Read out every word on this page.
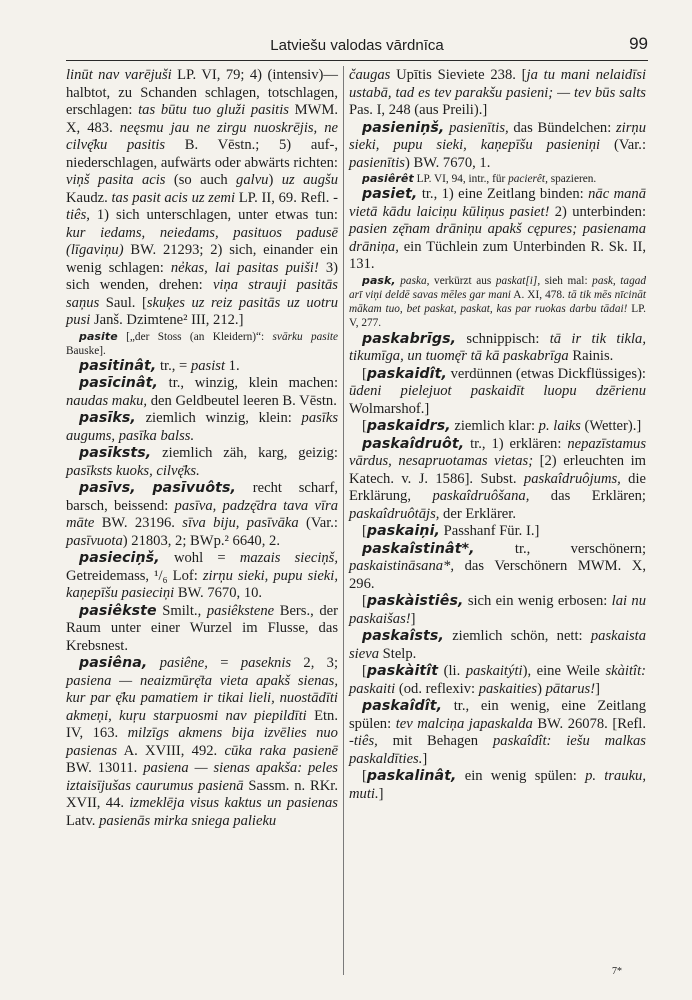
Latviešu valodas vārdnīca	99

linūt nav varējuši LP. VI, 79; 4) (intensiv)—halbtot, zu Schanden schlagen, totschlagen, erschlagen: tas būtu tuo gluži pasitis MWM. X, 483. neęsmu jau ne zirgu nuoskrējis, ne cilvę̄ku pasitis B. Vēstn.; 5) auf-, niederschlagen, aufwärts oder abwärts richten: viņš pasita acis (so auch galvu) uz augšu Kaudz. tas pasit acis uz zemi LP. II, 69. Refl. -tiês, 1) sich unterschlagen, unter etwas tun: kur iedams, neiedams, pasituos padusē (līgaviņu) BW. 21293; 2) sich, einander ein wenig schlagen: ne̓kas, lai pasitas puiši! 3) sich wenden, drehen: viņa strauji pasitās saņus Saul. [skuķes uz reiz pasitās uz uotru pusi Janš. Dzimtene² III, 212.]

pasite [„der Stoss (an Kleidern)“: svārku pasite Bauske].

pasitinât, tr., = pasist 1.

pasīcinât, tr., winzig, klein machen: naudas maku, den Geldbeutel leeren B. Vēstn.

pasīks, ziemlich winzig, klein: pasīks augums, pasīka balss.

pasīksts, ziemlich zäh, karg, geizig: pasīksts kuoks, cilvę̄ks.

pasīvs, pasīvuôts, recht scharf, barsch, beissend: pasīva, padzę̄dra tava vīra māte BW. 23196. sīva biju, pasīvāka (Var.: pasīvuota) 21803, 2; BWp.² 6640, 2.

pasieciņš, wohl = mazais sieciņš, Getreidemass, ¹/₆ Lof: zirņu sieki, pupu sieki, kaņepīšu pasieciņi BW. 7670, 10.

pasiêkste Smilt., pasiêkstene Bers., der Raum unter einer Wurzel im Flusse, das Krebsnest.

pasiêna, pasiêne, = paseknis 2, 3; pasiena — neaizmūrę̄ta vieta apakš sienas, kur par ę̄ku pamatiem ir tikai lieli, nuostādīti akmeņi, kuŗu starpuosmi nav piepildīti Etn. IV, 163. milzīgs akmens bija izvēlies nuo pasienas A. XVIII, 492. cūka raka pasienē BW. 13011. pasiena — sienas apakša: peles iztaisījušas caurumus pasienā Sassm. n. RKr. XVII, 44. izmeklēja visus kaktus un pasienas Latv. pasienās mirka sniega palieku

čaugas Upītis Sieviete 238. [ja tu mani nelaidīsi ustabā, tad es tev parakšu pasieni; — tev būs salts Pas. I, 248 (aus Preili).]

pasieniņš, pasienītis, das Bündelchen: zirņu sieki, pupu sieki, kaņepīšu pasieniņi (Var.: pasienītis) BW. 7670, 1.

pasiêrêt LP. VI, 94, intr., für pacierêt, spazieren.

pasiet, tr., 1) eine Zeitlang binden: nāc manā vietā kādu laiciņu kūliņus pasiet! 2) unterbinden: pasien zę̄nam drāniņu apakš cępures; pasienama drāniņa, ein Tüchlein zum Unterbinden R. Sk. II, 131.

pask, paska, verkürzt aus paskat[i], sieh mal: pask, tagad arī viņi deldē savas mēles gar mani A. XI, 478. tā tik mēs nīcināt mākam tuo, bet paskat, paskat, kas par ruokas darbu tādai! LP. V, 277.

paskabrīgs, schnippisch: tā ir tik tikla, tikumīga, un tuomę̄r tā kā paskabrīga Rainis.

[paskaidît, verdünnen (etwas Dickflüssiges): ūdeni pielejuot paskaidīt luopu dzērienu Wolmarshof.]

[paskaidrs, ziemlich klar: p. laiks (Wetter).]

paskaîdruôt, tr., 1) erklären: nepazīstamus vārdus, nesapruotamas vietas; [2) erleuchten im Katech. v. J. 1586]. Subst. paskaîdruôjums, die Erklärung, paskaîdruôšana, das Erklären; paskaîdruôtājs, der Erklärer.

[paskaiņi, Passhanf Für. I.]

paskaîstinât*, tr., verschönern; paskaistināsana*, das Verschönern MWM. X, 296.

[paskàistiês, sich ein wenig erbosen: lai nu paskaišas!]

paskaîsts, ziemlich schön, nett: paskaista sieva Stelp.

[paskàitît (li. paskaitýti), eine Weile skàitît: paskaiti (od. reflexiv: paskaities) pātarus!]

paskaîdît, tr., ein wenig, eine Zeitlang spülen: tev malciņa japaskalda BW. 26078. [Refl. -tiês, mit Behagen paskaîdît: iešu malkas paskaldīties.]

[paskalinât, ein wenig spülen: p. trauku, muti.]

7*
